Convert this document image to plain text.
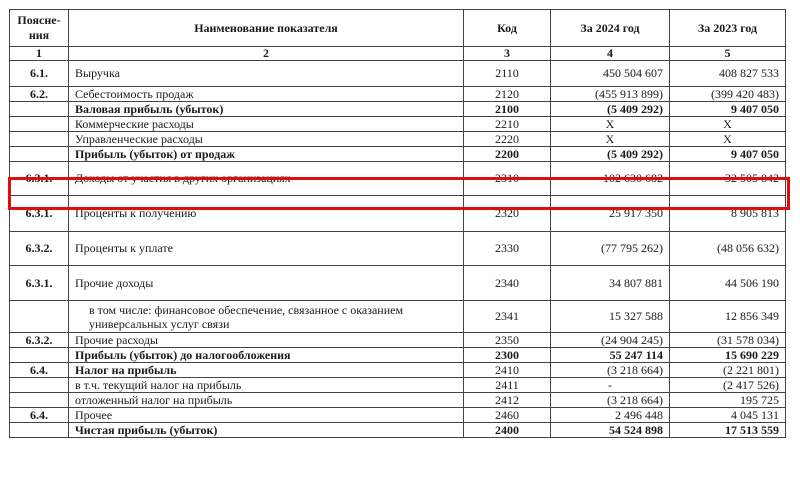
Поясне-ния	Наименование показателя	Код	За 2024 год	За 2023 год
1	2	3	4	5
6.1.	Выручка	2110	450 504 607	408 827 533
6.2.	Себестоимость продаж	2120	(455 913 899)	(399 420 483)
	Валовая прибыль (убыток)	2100	(5 409 292)	9 407 050
	Коммерческие расходы	2210	X	X
	Управленческие расходы	2220	X	X
	Прибыль (убыток) от продаж	2200	(5 409 292)	9 407 050
6.3.1.	Доходы от участия в других организациях	2310	102 630 682	32 505 842
6.3.1.	Проценты к получению	2320	25 917 350	8 905 813
6.3.2.	Проценты к уплате	2330	(77 795 262)	(48 056 632)
6.3.1.	Прочие доходы	2340	34 807 881	44 506 190
	в том числе: финансовое обеспечение, связанное с оказанием универсальных услуг связи	2341	15 327 588	12 856 349
6.3.2.	Прочие расходы	2350	(24 904 245)	(31 578 034)
	Прибыль (убыток) до налогообложения	2300	55 247 114	15 690 229
6.4.	Налог на прибыль	2410	(3 218 664)	(2 221 801)
	в т.ч. текущий налог на прибыль	2411	-	(2 417 526)
	отложенный налог на прибыль	2412	(3 218 664)	195 725
6.4.	Прочее	2460	2 496 448	4 045 131
	Чистая прибыль (убыток)	2400	54 524 898	17 513 559
